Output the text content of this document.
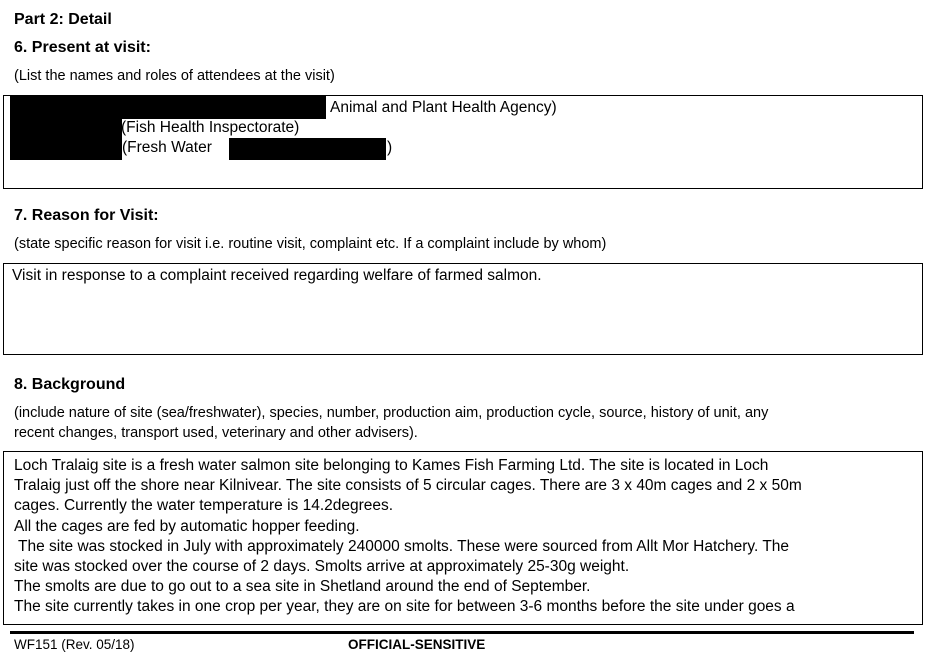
Part 2: Detail
6. Present at visit:
(List the names and roles of attendees at the visit)
Animal and Plant Health Agency)
(Fish Health Inspectorate)
(Fresh Water	)
7. Reason for Visit:
(state specific reason for visit i.e. routine visit, complaint etc. If a complaint include by whom)
Visit in response to a complaint received regarding welfare of farmed salmon.
8. Background
(include nature of site (sea/freshwater), species, number, production aim, production cycle, source, history of unit, any
recent changes, transport used, veterinary and other advisers).
Loch Tralaig site is a fresh water salmon site belonging to Kames Fish Farming Ltd. The site is located in Loch
Tralaig just off the shore near Kilnivear. The site consists of 5 circular cages. There are 3 x 40m cages and 2 x 50m
cages. Currently the water temperature is 14.2degrees.
All the cages are fed by automatic hopper feeding.
The site was stocked in July with approximately 240000 smolts. These were sourced from Allt Mor Hatchery. The
site was stocked over the course of 2 days. Smolts arrive at approximately 25-30g weight.
The smolts are due to go out to a sea site in Shetland around the end of September.
The site currently takes in one crop per year, they are on site for between 3-6 months before the site under goes a
WF151 (Rev. 05/18)	OFFICIAL-SENSITIVE
